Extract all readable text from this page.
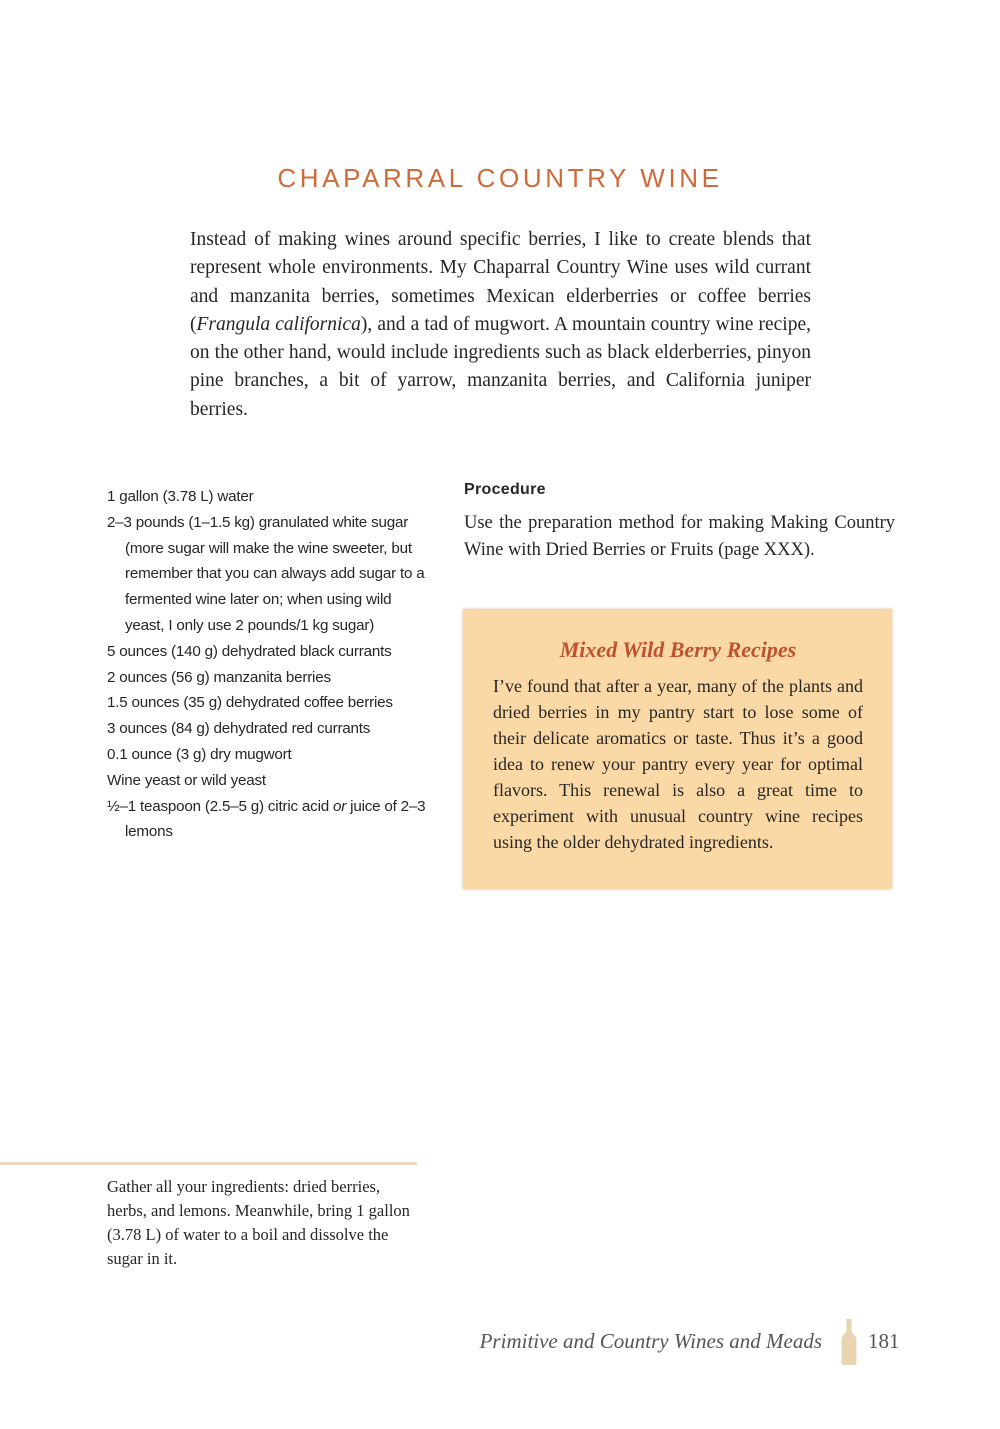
CHAPARRAL COUNTRY WINE

Instead of making wines around specific berries, I like to create blends that represent whole environments. My Chaparral Country Wine uses wild currant and manzanita berries, sometimes Mexican elderberries or coffee berries (Frangula californica), and a tad of mugwort. A mountain country wine recipe, on the other hand, would include ingredients such as black elderberries, pinyon pine branches, a bit of yarrow, manzanita berries, and California juniper berries.

1 gallon (3.78 L) water
2–3 pounds (1–1.5 kg) granulated white sugar (more sugar will make the wine sweeter, but remember that you can always add sugar to a fermented wine later on; when using wild yeast, I only use 2 pounds/1 kg sugar)
5 ounces (140 g) dehydrated black currants
2 ounces (56 g) manzanita berries
1.5 ounces (35 g) dehydrated coffee berries
3 ounces (84 g) dehydrated red currants
0.1 ounce (3 g) dry mugwort
Wine yeast or wild yeast
½–1 teaspoon (2.5–5 g) citric acid or juice of 2–3 lemons
Procedure

Use the preparation method for making Making Country Wine with Dried Berries or Fruits (page XXX).

Mixed Wild Berry Recipes

I’ve found that after a year, many of the plants and dried berries in my pantry start to lose some of their delicate aromatics or taste. Thus it’s a good idea to renew your pantry every year for optimal flavors. This renewal is also a great time to experiment with unusual country wine recipes using the older dehydrated ingredients.

Gather all your ingredients: dried berries, herbs, and lemons. Meanwhile, bring 1 gallon (3.78 L) of water to a boil and dissolve the sugar in it.

Primitive and Country Wines and Meads 181
